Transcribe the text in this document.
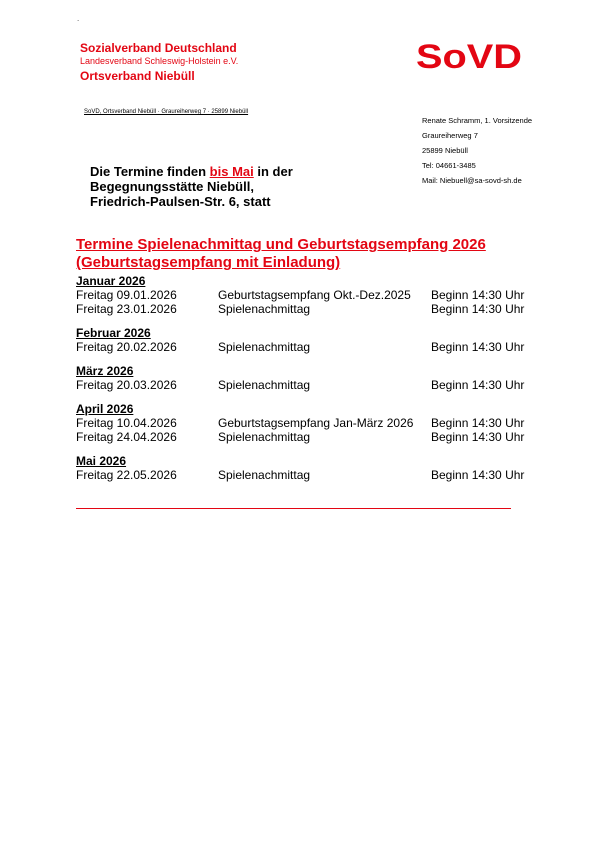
.
Sozialverband Deutschland
Landesverband Schleswig-Holstein e.V.
Ortsverband Niebüll
SoVD
SoVD, Ortsverband Niebüll · Graureiherweg 7 · 25899 Niebüll
Renate Schramm, 1. Vorsitzende
Graureiherweg 7
25899 Niebüll
Tel: 04661-3485
Mail: Niebuell@sa-sovd-sh.de
Die Termine finden bis Mai in der
Begegnungsstätte Niebüll,
Friedrich-Paulsen-Str. 6, statt
Termine Spielenachmittag und Geburtstagsempfang 2026
(Geburtstagsempfang mit Einladung)
Januar 2026
Freitag 09.01.2026	Geburtstagsempfang Okt.-Dez.2025	Beginn 14:30 Uhr
Freitag 23.01.2026	Spielenachmittag	Beginn 14:30 Uhr
Februar 2026
Freitag 20.02.2026	Spielenachmittag	Beginn 14:30 Uhr
März 2026
Freitag 20.03.2026	Spielenachmittag	Beginn 14:30 Uhr
April 2026
Freitag 10.04.2026	Geburtstagsempfang Jan-März 2026	Beginn 14:30 Uhr
Freitag 24.04.2026	Spielenachmittag	Beginn 14:30 Uhr
Mai 2026
Freitag 22.05.2026	Spielenachmittag	Beginn 14:30 Uhr
